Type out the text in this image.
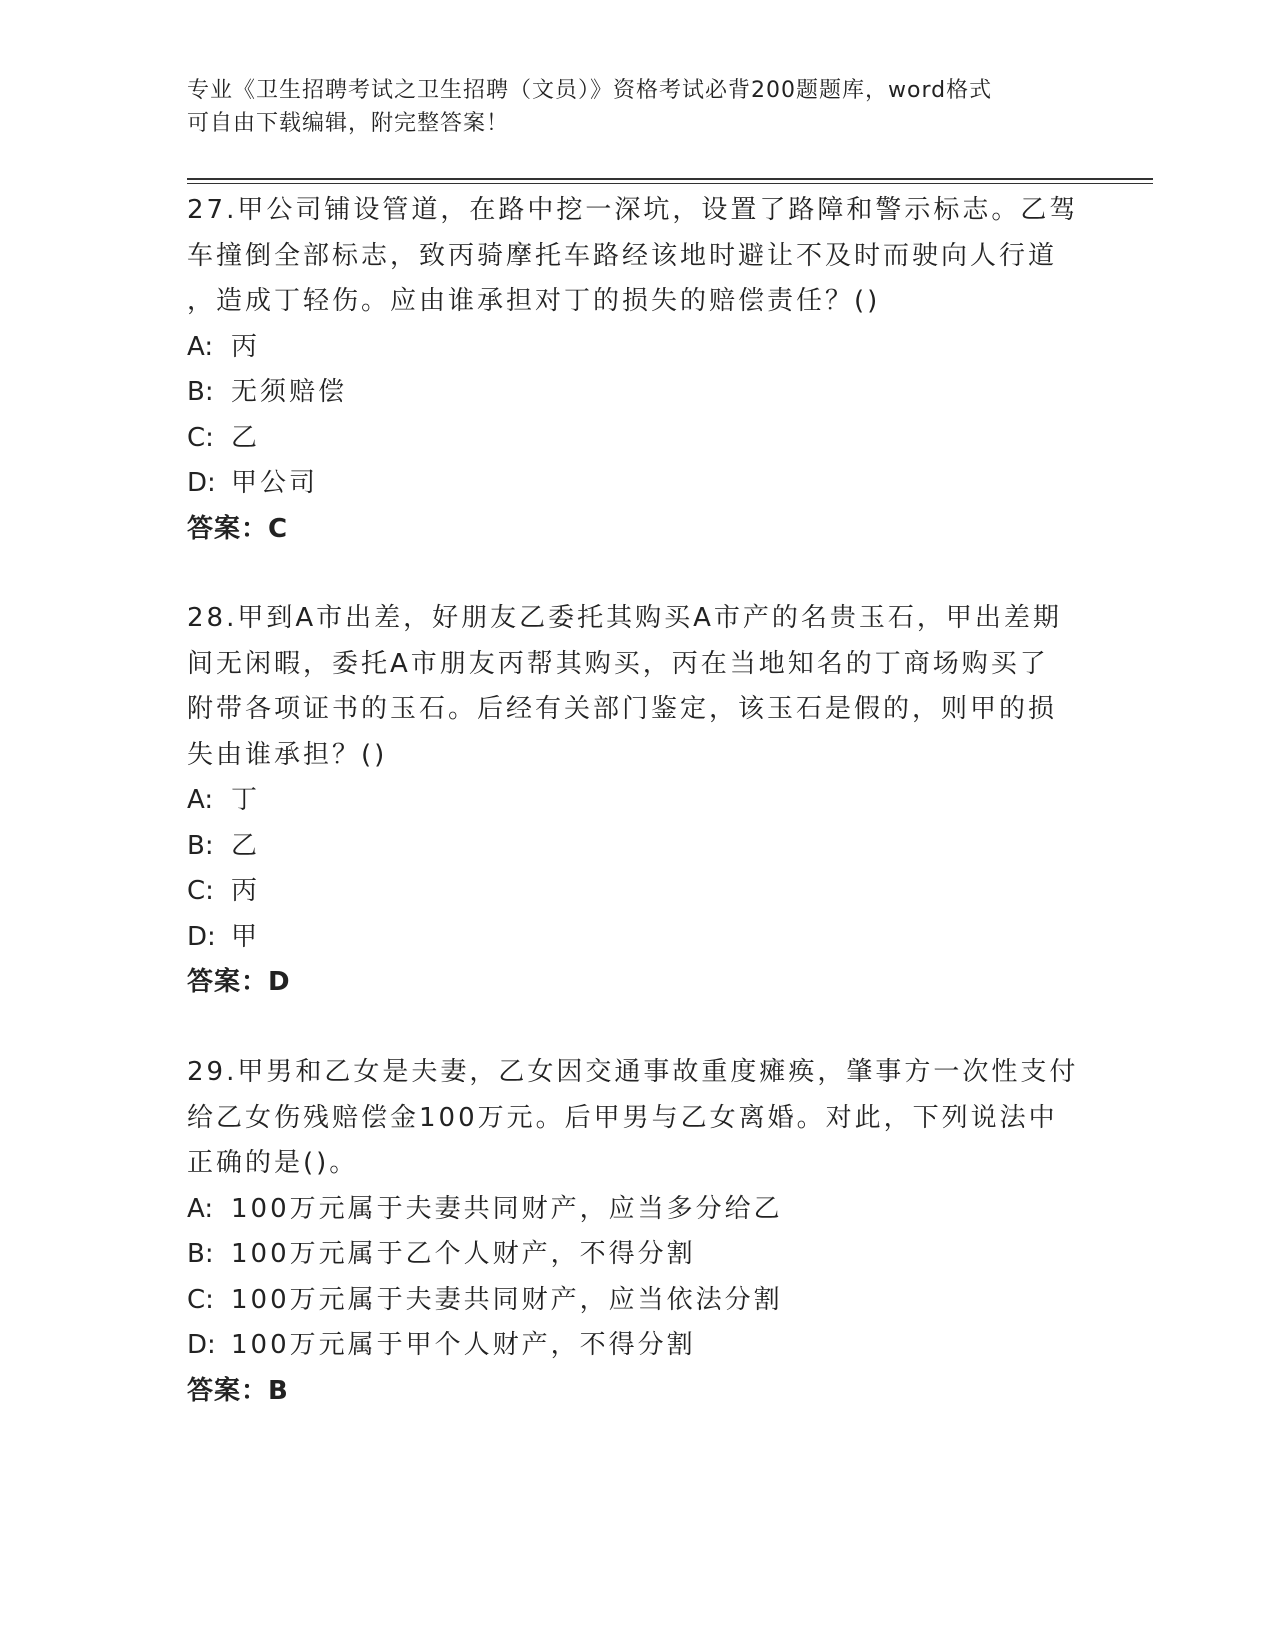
专业《卫生招聘考试之卫生招聘（文员）》资格考试必背200题题库，word格式
可自由下载编辑，附完整答案！

27.甲公司铺设管道，在路中挖一深坑，设置了路障和警示标志。乙驾

车撞倒全部标志，致丙骑摩托车路经该地时避让不及时而驶向人行道

，造成丁轻伤。应由谁承担对丁的损失的赔偿责任？()

A: 丙

B: 无须赔偿

C: 乙

D: 甲公司

答案：C

28.甲到A市出差，好朋友乙委托其购买A市产的名贵玉石，甲出差期

间无闲暇，委托A市朋友丙帮其购买，丙在当地知名的丁商场购买了

附带各项证书的玉石。后经有关部门鉴定，该玉石是假的，则甲的损

失由谁承担？()

A: 丁

B: 乙

C: 丙

D: 甲

答案：D

29.甲男和乙女是夫妻，乙女因交通事故重度瘫痪，肇事方一次性支付

给乙女伤残赔偿金100万元。后甲男与乙女离婚。对此，下列说法中

正确的是()。

A: 100万元属于夫妻共同财产，应当多分给乙

B: 100万元属于乙个人财产，不得分割

C: 100万元属于夫妻共同财产，应当依法分割

D: 100万元属于甲个人财产，不得分割

答案：B
